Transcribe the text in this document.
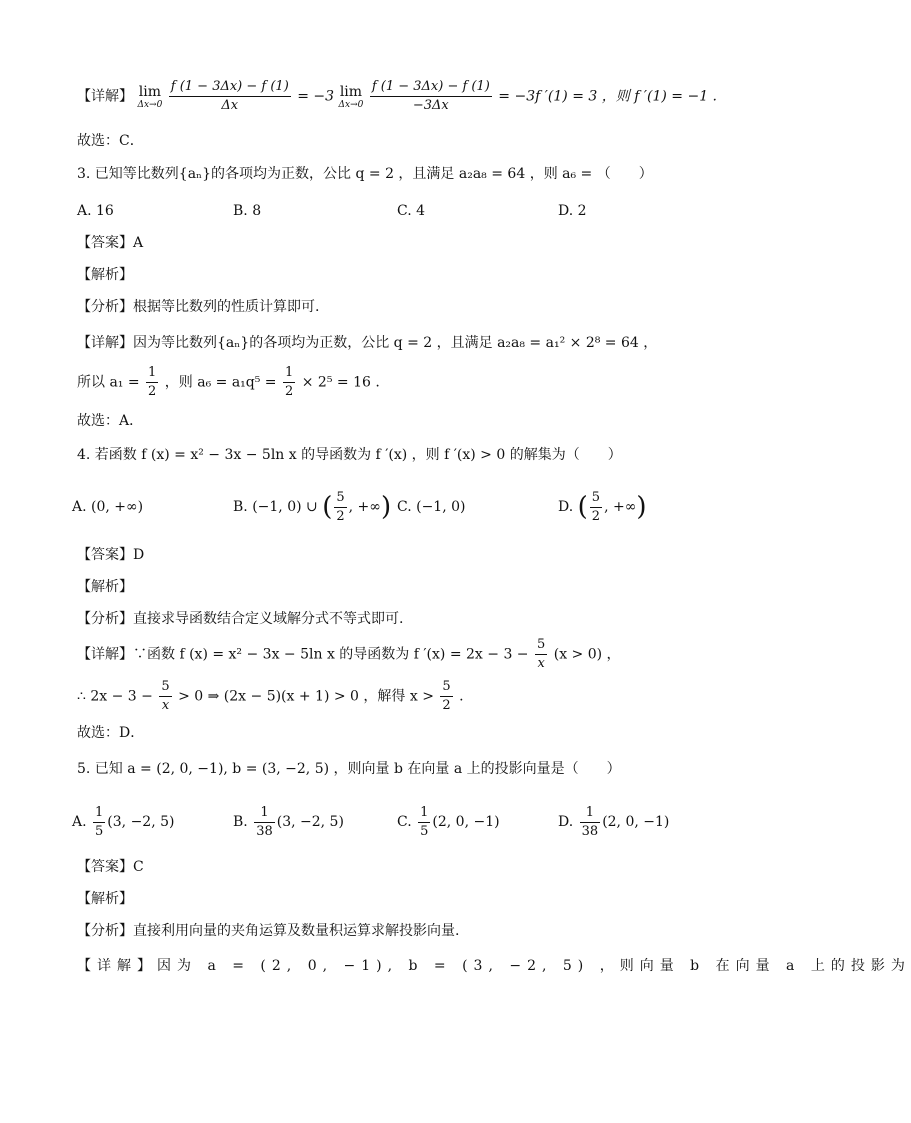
【详解】 lim
Δx→0
$\frac{f (1 - 3\Delta x) - f (1)}{\Delta x} = -3$ lim
Δx→0
$\frac{f (1 - 3\Delta x) - f (1)}{-3\Delta x} = -3f$ ′(1) = 3 ，则 f ′(1) = −1 .
故选：C．
3. 已知等比数列{aₙ}的各项均为正数，公比 q = 2 ，且满足 a₂a₈ = 64 ，则 a₆ = （　　）
A. 16	B. 8	C. 4	D. 2
【答案】A
【解析】
【分析】根据等比数列的性质计算即可.
【详解】因为等比数列{aₙ}的各项均为正数，公比 q = 2 ，且满足 a₂a₈ = a₁² × 2⁸ = 64 ，
所以 $a_1 = \frac{1}{2}$ ，则 $a_6 = a_1q^5 = \frac{1}{2} \times 2^5 = 16$ .
故选：A．
4. 若函数 f (x) = x² − 3x − 5ln x 的导函数为 f ′(x) ，则 f ′(x) > 0 的解集为（　　）
A. (0, +∞)	B. (−1, 0) ∪ ( $\frac{5}{2}$ , +∞) C. (−1, 0)	D. ( $\frac{5}{2}$ , +∞)
【答案】D
【解析】
【分析】直接求导函数结合定义域解分式不等式即可.
【详解】∵函数 f (x) = x² − 3x − 5ln x 的导函数为 f $'(x) = 2x - 3 - \frac{5}{x} (x > 0)$ ，
∴ $2x - 3 - \frac{5}{x} > 0$ ⇒ (2x − 5)(x + 1) > 0 ，解得 $x > \frac{5}{2}$ .
故选：D．
5. 已知 a = (2, 0, −1), b = (3, −2, 5) ，则向量 b 在向量 a 上的投影向量是（　　）
A. $\frac{1}{5} (3$, −2, 5)	B. $\frac{1}{38} (3$, −2, 5)	C. $\frac{1}{5} (2$, 0, −1)	D. $\frac{1}{38} (2$, 0, −1)
【答案】C
【解析】
【分析】直接利用向量的夹角运算及数量积运算求解投影向量.
【详解】因为 a = (2, 0, −1), b = (3, −2, 5) ，则向量 b 在向量 a 上的投影为
